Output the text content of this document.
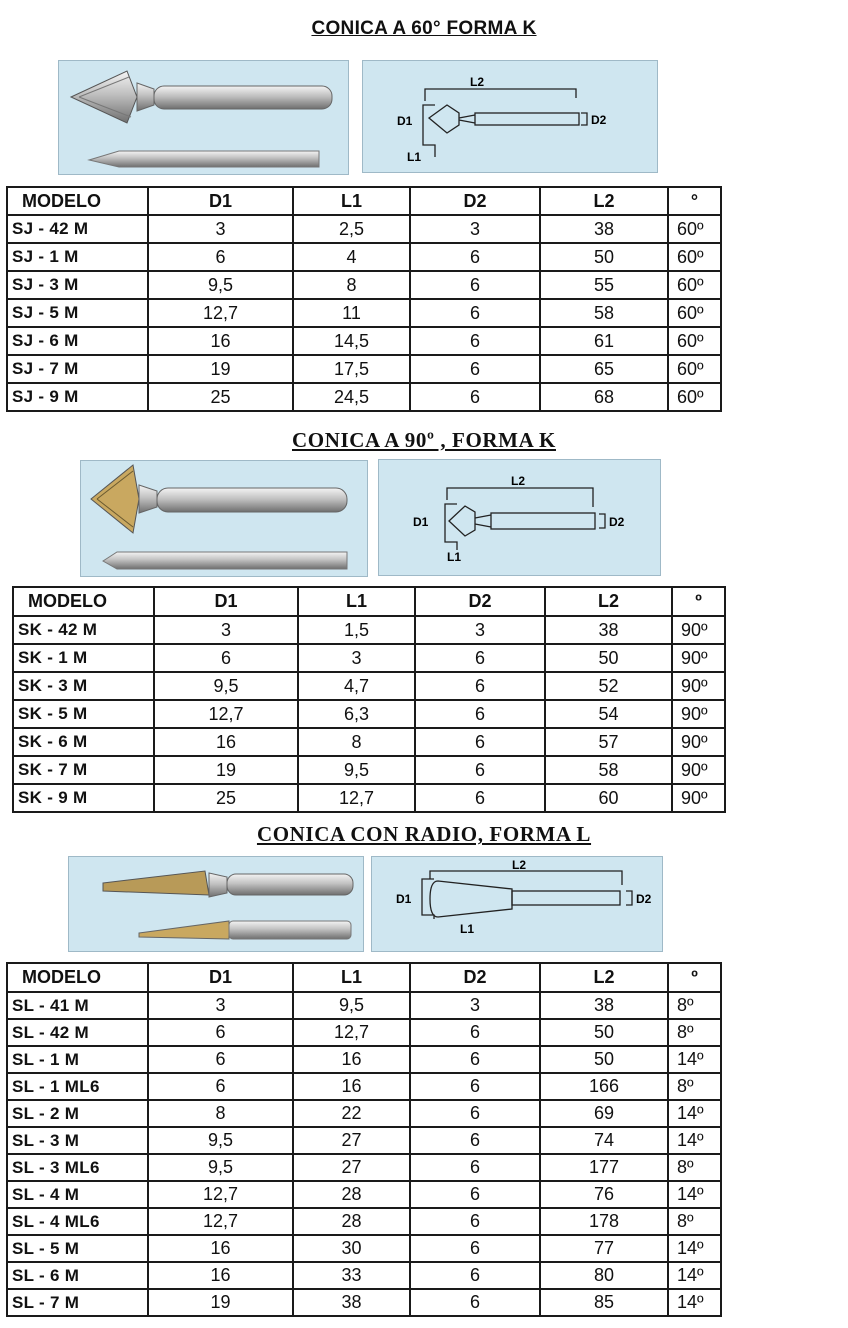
CONICA A 60° FORMA K
L2
D1	D2
L1
MODELO	D1	L1	D2	L2	°
SJ - 42 M	3	2,5	3	38	60º
SJ - 1 M	6	4	6	50	60º
SJ - 3 M	9,5	8	6	55	60º
SJ - 5 M	12,7	11	6	58	60º
SJ - 6 M	16	14,5	6	61	60º
SJ - 7 M	19	17,5	6	65	60º
SJ - 9 M	25	24,5	6	68	60º
CONICA A 90º , FORMA K
L2
D1	D2
L1
MODELO	D1	L1	D2	L2	º
SK - 42 M	3	1,5	3	38	90º
SK - 1 M	6	3	6	50	90º
SK - 3 M	9,5	4,7	6	52	90º
SK - 5 M	12,7	6,3	6	54	90º
SK - 6 M	16	8	6	57	90º
SK - 7 M	19	9,5	6	58	90º
SK - 9 M	25	12,7	6	60	90º
CONICA CON RADIO, FORMA L
L2
D1	D2
L1
MODELO	D1	L1	D2	L2	º
SL - 41 M	3	9,5	3	38	8º
SL - 42 M	6	12,7	6	50	8º
SL - 1 M	6	16	6	50	14º
SL - 1 ML6	6	16	6	166	8º
SL - 2 M	8	22	6	69	14º
SL - 3 M	9,5	27	6	74	14º
SL - 3 ML6	9,5	27	6	177	8º
SL - 4 M	12,7	28	6	76	14º
SL - 4 ML6	12,7	28	6	178	8º
SL - 5 M	16	30	6	77	14º
SL - 6 M	16	33	6	80	14º
SL - 7 M	19	38	6	85	14º
